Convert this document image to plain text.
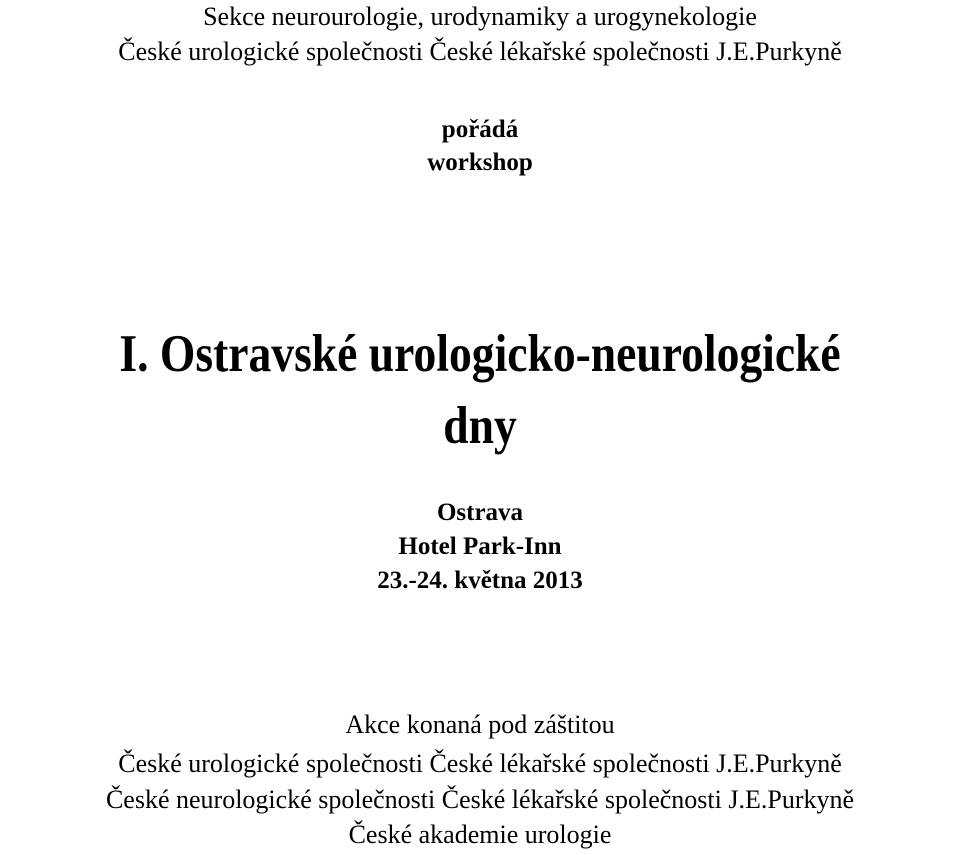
Sekce neurourologie, urodynamiky a urogynekologie
České urologické společnosti České lékařské společnosti J.E.Purkyně
pořádá
workshop
I. Ostravské urologicko-neurologické
dny
Ostrava
Hotel Park-Inn
23.-24. května 2013
Akce konaná pod záštitou
České urologické společnosti České lékařské společnosti J.E.Purkyně
České neurologické společnosti České lékařské společnosti J.E.Purkyně
České akademie urologie
